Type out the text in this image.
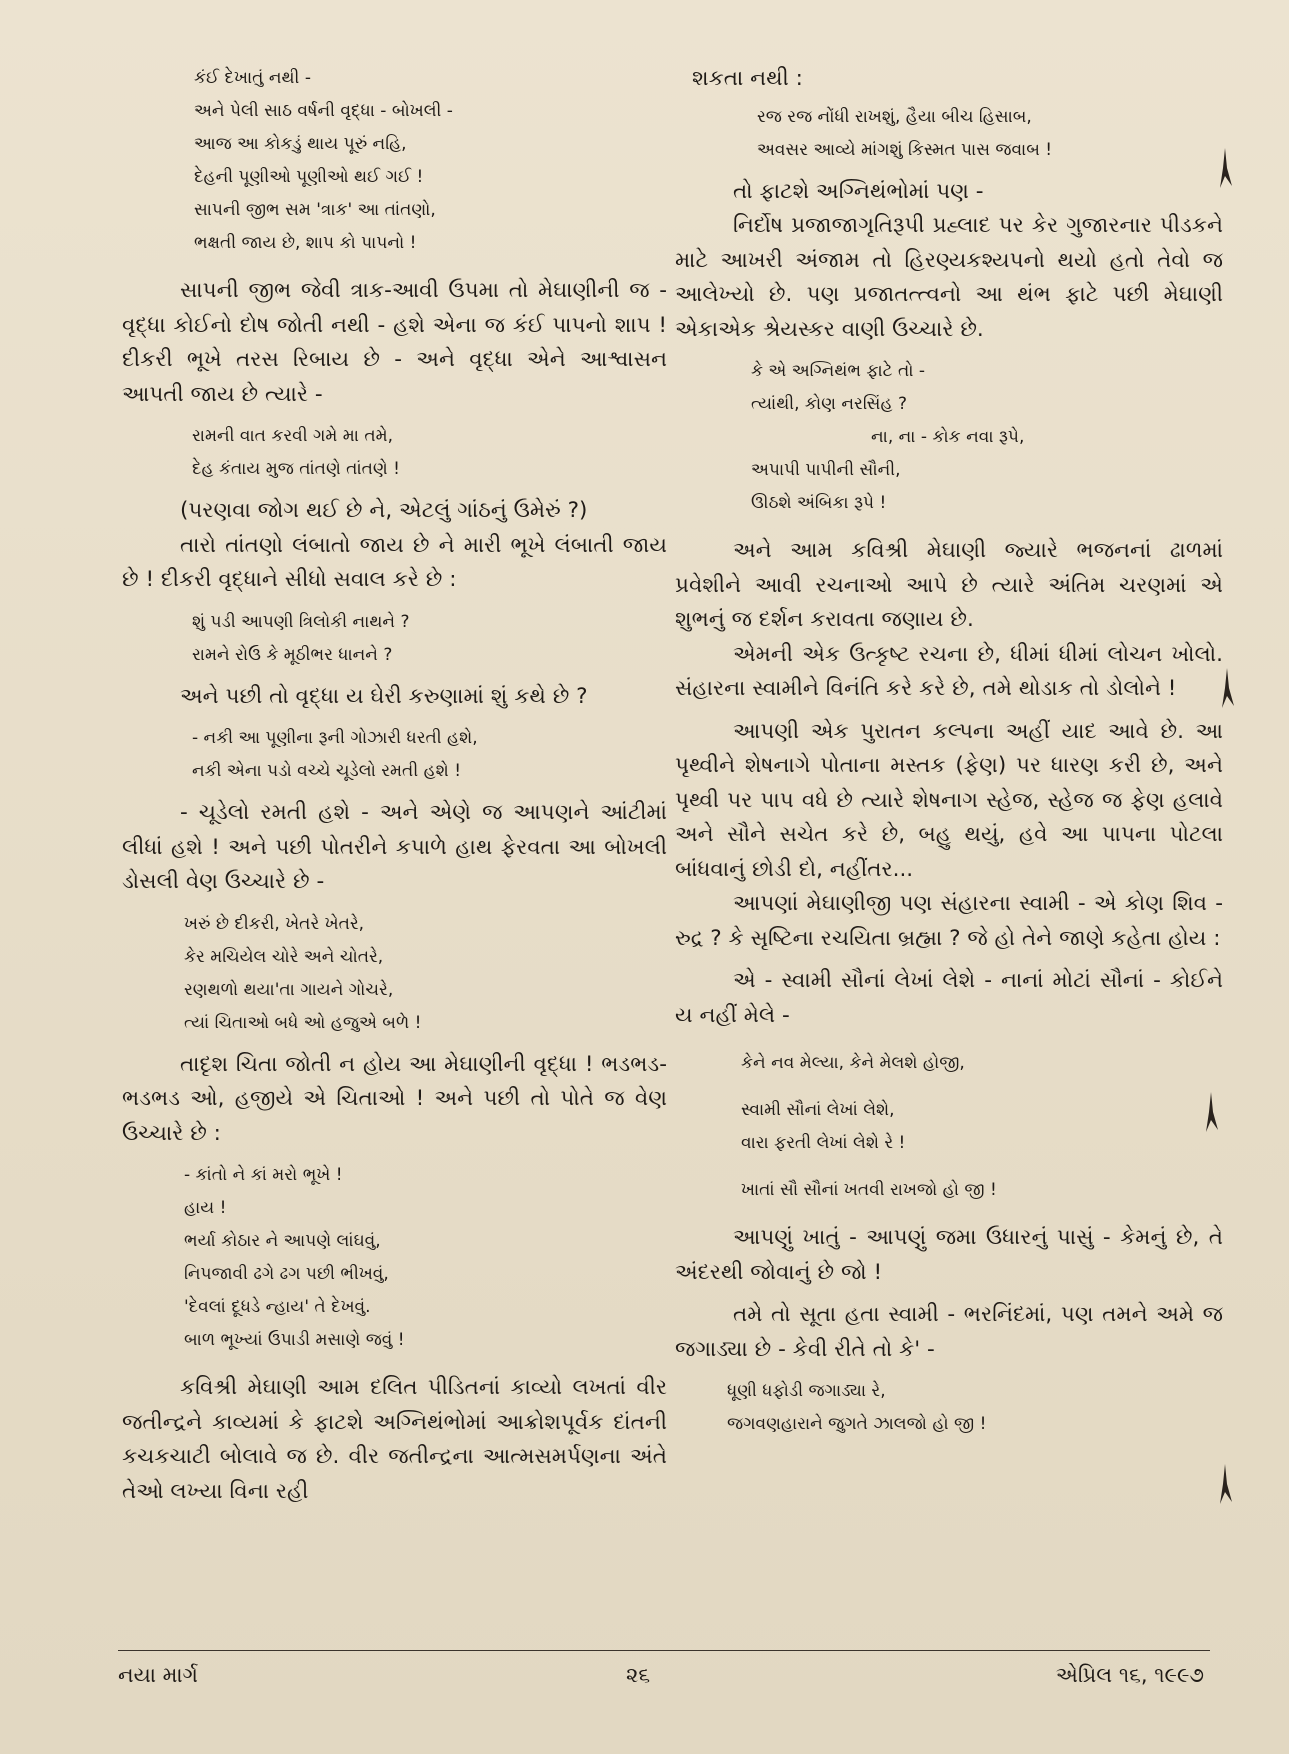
કંઈ દેખાતું નથી -
અને પેલી સાઠ વર્ષની વૃદ્ધા - બોખલી -
આજ આ કોકડું થાય પૂરું નહિ,
દેહની પૂણીઓ પૂણીઓ થઈ ગઈ !
સાપની જીભ સમ 'ત્રાક' આ તાંતણો,
ભક્ષતી જાય છે, શાપ કો પાપનો !

સાપની જીભ જેવી ત્રાક-આવી ઉપમા તો મેઘાણીની જ - વૃદ્ધા કોઈનો દોષ જોતી નથી - હશે એના જ કંઈ પાપનો શાપ ! દીકરી ભૂખે તરસ રિબાય છે - અને વૃદ્ધા એને આશ્વાસન આપતી જાય છે ત્યારે -

રામની વાત કરવી ગમે મા તમે,
દેહ કંતાય મુજ તાંતણે તાંતણે !

(પરણવા જોગ થઈ છે ને, એટલું ગાંઠનું ઉમેરું ?)

તારો તાંતણો લંબાતો જાય છે ને મારી ભૂખે લંબાતી જાય છે ! દીકરી વૃદ્ધાને સીધો સવાલ કરે છે :

શું પડી આપણી ત્રિલોકી નાથને ?
રામને રોઉ કે મૂઠીભર ધાનને ?

અને પછી તો વૃદ્ધા ય ઘેરી કરુણામાં શું કથે છે ?

- નકી આ પૂણીના રૂની ગોઝારી ધરતી હશે,
નકી એના પડો વચ્ચે ચૂડેલો રમતી હશે !

- ચૂડેલો રમતી હશે - અને એણે જ આપણને આંટીમાં લીધાં હશે ! અને પછી પોતરીને કપાળે હાથ ફેરવતા આ બોખલી ડોસલી વેણ ઉચ્ચારે છે -

ખરું છે દીકરી, ખેતરે ખેતરે,
કેર મચિયેલ ચોરે અને ચોતરે,
રણથળો થયા'તા ગાયને ગોચરે,
ત્યાં ચિતાઓ બધે ઓ હજુએ બળે !

તાદૃશ ચિતા જોતી ન હોય આ મેઘાણીની વૃદ્ધા ! ભડભડ-ભડભડ ઓ, હજીયે એ ચિતાઓ ! અને પછી તો પોતે જ વેણ ઉચ્ચારે છે :

- કાંતો ને કાં મરો ભૂખે !
હાય !
ભર્યા કોઠાર ને આપણે લાંઘવું,
નિપજાવી ઢગે ઢગ પછી ભીખવું,
'દેવલાં દૂધડે ન્હાય' તે દેખવું.
બાળ ભૂખ્યાં ઉપાડી મસાણે જવું !

કવિશ્રી મેઘાણી આમ દલિત પીડિતનાં કાવ્યો લખતાં વીર જતીન્દ્રને કાવ્યમાં કે ફાટશે અગ્નિથંભોમાં આક્રોશપૂર્વક દાંતની કચકચાટી બોલાવે જ છે. વીર જતીન્દ્રના આત્મસમર્પણના અંતે તેઓ લખ્યા વિના રહી

શકતા નથી :

રજ રજ નોંધી રાખશું, હૈયા બીચ હિસાબ,
અવસર આવ્યે માંગશું કિસ્મત પાસ જવાબ !

તો ફાટશે અગ્નિથંભોમાં પણ -

નિર્દોષ પ્રજાજાગૃતિરૂપી પ્રહ્લાદ પર કેર ગુજારનાર પીડકને માટે આખરી અંજામ તો હિરણ્યકશ્યપનો થયો હતો તેવો જ આલેખ્યો છે. પણ પ્રજાતત્ત્વનો આ થંભ ફાટે પછી મેઘાણી એકાએક શ્રેયસ્કર વાણી ઉચ્ચારે છે.

કે એ અગ્નિથંભ ફાટે તો -
ત્યાંથી, કોણ નરસિંહ ?
ના, ના - કોક નવા રૂપે,
અપાપી પાપીની સૌની,
ઊઠશે અંબિકા રૂપે !

અને આમ કવિશ્રી મેઘાણી જ્યારે ભજનનાં ઢાળમાં પ્રવેશીને આવી રચનાઓ આપે છે ત્યારે અંતિમ ચરણમાં એ શુભનું જ દર્શન કરાવતા જણાય છે.

એમની એક ઉત્કૃષ્ટ રચના છે, ધીમાં ધીમાં લોચન ખોલો. સંહારના સ્વામીને વિનંતિ કરે કરે છે, તમે થોડાક તો ડોલોને !

આપણી એક પુરાતન કલ્પના અહીં યાદ આવે છે. આ પૃથ્વીને શેષનાગે પોતાના મસ્તક (ફેણ) પર ધારણ કરી છે, અને પૃથ્વી પર પાપ વધે છે ત્યારે શેષનાગ સ્હેજ, સ્હેજ જ ફેણ હલાવે અને સૌને સચેત કરે છે, બહુ થયું, હવે આ પાપના પોટલા બાંધવાનું છોડી દો, નહીંતર...

આપણાં મેઘાણીજી પણ સંહારના સ્વામી - એ કોણ શિવ - રુદ્ર ? કે સૃષ્ટિના રચયિતા બ્રહ્મા ? જે હો તેને જાણે કહેતા હોય :

એ - સ્વામી સૌનાં લેખાં લેશે - નાનાં મોટાં સૌનાં - કોઈને ય નહીં મેલે -

કેને નવ મેલ્યા, કેને મેલશે હોજી,
સ્વામી સૌનાં લેખાં લેશે,
વારા ફરતી લેખાં લેશે રે !
ખાતાં સૌ સૌનાં ખતવી રાખજો હો જી !

આપણું ખાતું - આપણું જમા ઉધારનું પાસું - કેમનું છે, તે અંદરથી જોવાનું છે જો !

તમે તો સૂતા હતા સ્વામી - ભરનિંદમાં, પણ તમને અમે જ જગાડ્યા છે - કેવી રીતે તો કે' -

ધૂણી ધફોડી જગાડ્યા રે,
જગવણહારાને જુગતે ઝાલજો હો જી !
નયા માર્ગ	૨૬	એપ્રિલ ૧૬, ૧૯૯૭
